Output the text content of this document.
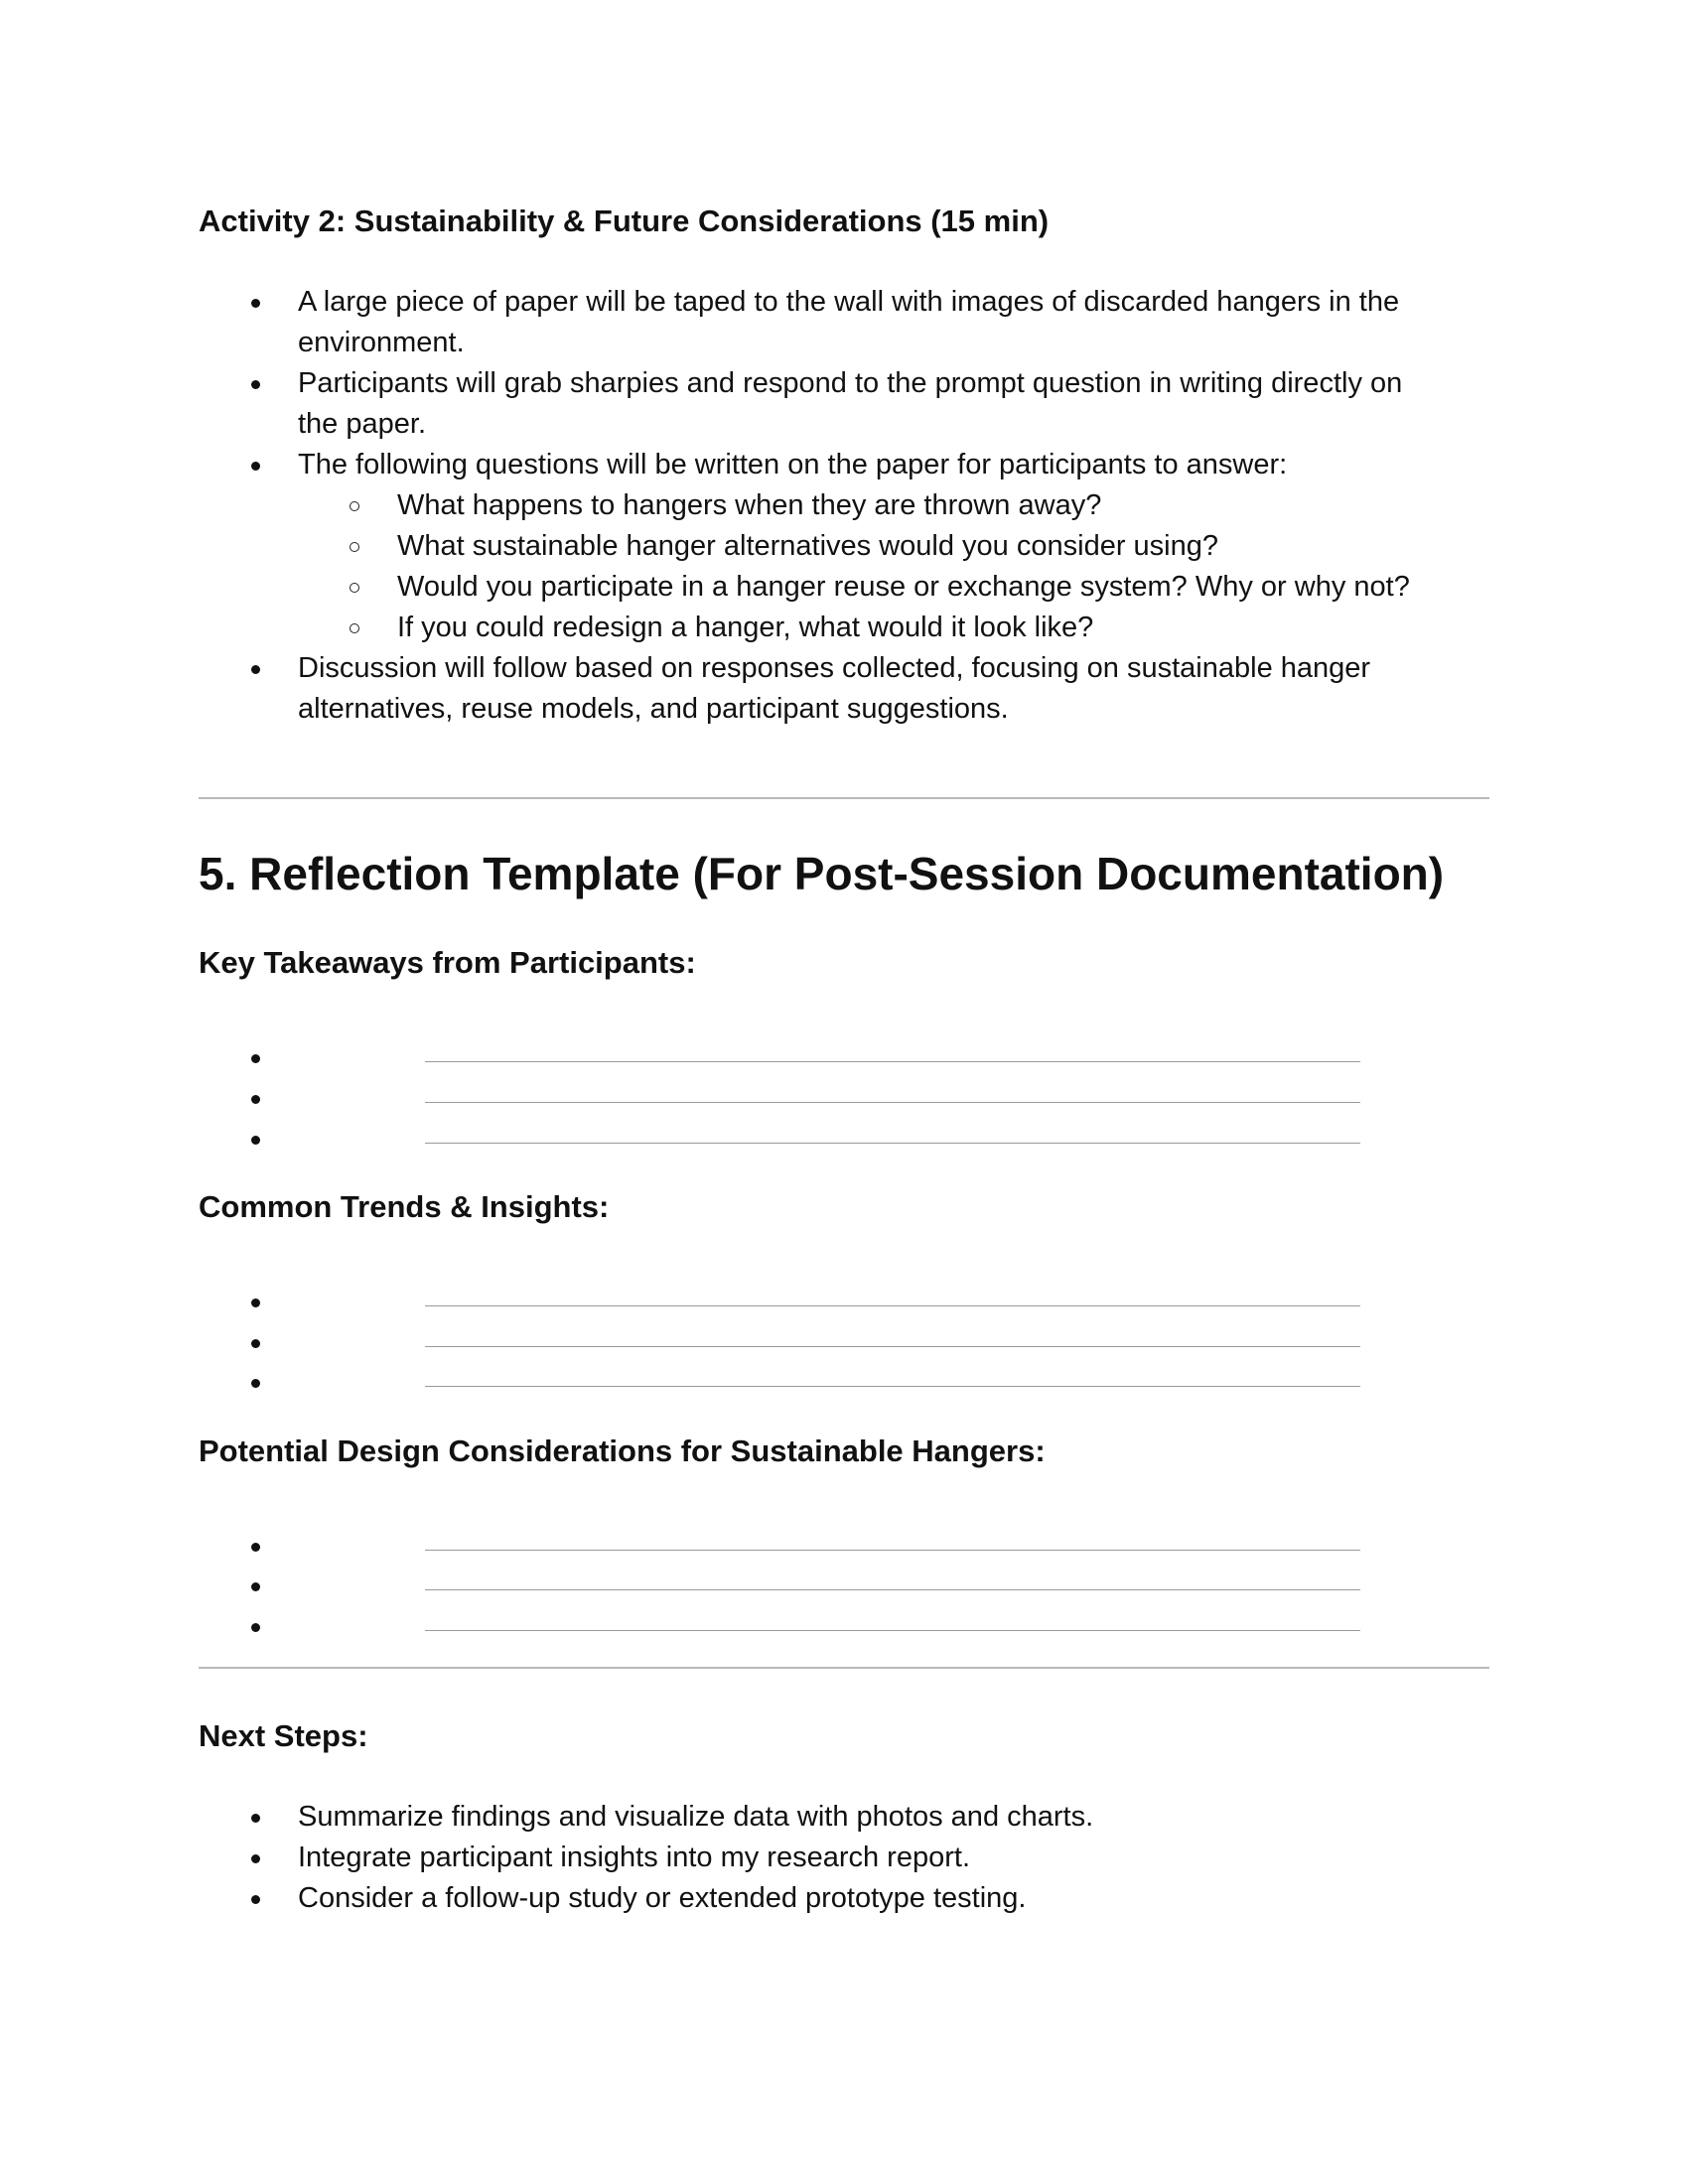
Activity 2: Sustainability & Future Considerations (15 min)
A large piece of paper will be taped to the wall with images of discarded hangers in the environment.
Participants will grab sharpies and respond to the prompt question in writing directly on the paper.
The following questions will be written on the paper for participants to answer:
What happens to hangers when they are thrown away?
What sustainable hanger alternatives would you consider using?
Would you participate in a hanger reuse or exchange system? Why or why not?
If you could redesign a hanger, what would it look like?
Discussion will follow based on responses collected, focusing on sustainable hanger alternatives, reuse models, and participant suggestions.
5. Reflection Template (For Post-Session Documentation)
Key Takeaways from Participants:
Common Trends & Insights:
Potential Design Considerations for Sustainable Hangers:
Next Steps:
Summarize findings and visualize data with photos and charts.
Integrate participant insights into my research report.
Consider a follow-up study or extended prototype testing.
